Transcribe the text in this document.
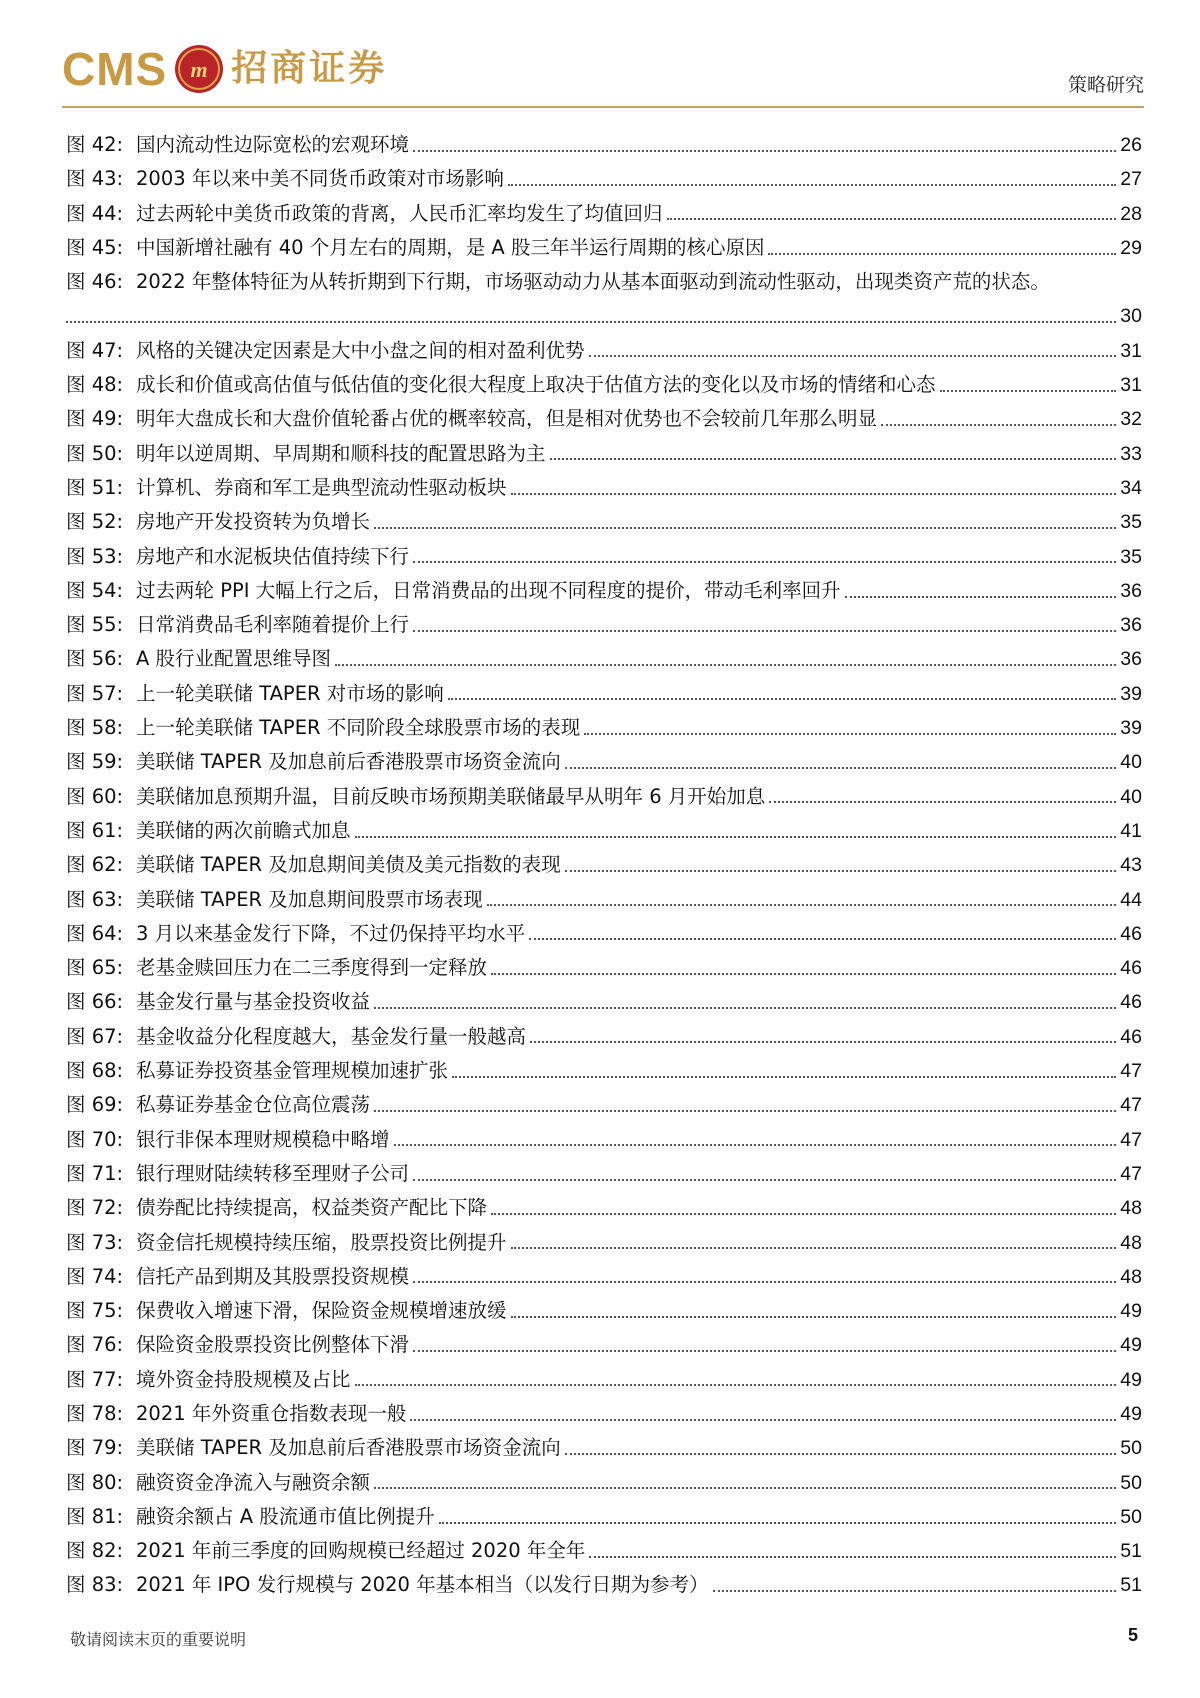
CMS m 招商证券	策略研究
图 42: 国内流动性边际宽松的宏观环境	26
图 43: 2003 年以来中美不同货币政策对市场影响	27
图 44: 过去两轮中美货币政策的背离，人民币汇率均发生了均值回归	28
图 45: 中国新增社融有 40 个月左右的周期，是 A 股三年半运行周期的核心原因	29
图 46: 2022 年整体特征为从转折期到下行期，市场驱动动力从基本面驱动到流动性驱动，出现类资产荒的状态。
30
图 47: 风格的关键决定因素是大中小盘之间的相对盈利优势	31
图 48: 成长和价值或高估值与低估值的变化很大程度上取决于估值方法的变化以及市场的情绪和心态	31
图 49: 明年大盘成长和大盘价值轮番占优的概率较高，但是相对优势也不会较前几年那么明显	32
图 50: 明年以逆周期、早周期和顺科技的配置思路为主	33
图 51: 计算机、券商和军工是典型流动性驱动板块	34
图 52: 房地产开发投资转为负增长	35
图 53: 房地产和水泥板块估值持续下行	35
图 54: 过去两轮 PPI 大幅上行之后，日常消费品的出现不同程度的提价，带动毛利率回升	36
图 55: 日常消费品毛利率随着提价上行	36
图 56: A 股行业配置思维导图	36
图 57: 上一轮美联储 TAPER 对市场的影响	39
图 58: 上一轮美联储 TAPER 不同阶段全球股票市场的表现	39
图 59: 美联储 TAPER 及加息前后香港股票市场资金流向	40
图 60: 美联储加息预期升温，目前反映市场预期美联储最早从明年 6 月开始加息	40
图 61: 美联储的两次前瞻式加息	41
图 62: 美联储 TAPER 及加息期间美债及美元指数的表现	43
图 63: 美联储 TAPER 及加息期间股票市场表现	44
图 64: 3 月以来基金发行下降，不过仍保持平均水平	46
图 65: 老基金赎回压力在二三季度得到一定释放	46
图 66: 基金发行量与基金投资收益	46
图 67: 基金收益分化程度越大，基金发行量一般越高	46
图 68: 私募证券投资基金管理规模加速扩张	47
图 69: 私募证券基金仓位高位震荡	47
图 70: 银行非保本理财规模稳中略增	47
图 71: 银行理财陆续转移至理财子公司	47
图 72: 债券配比持续提高，权益类资产配比下降	48
图 73: 资金信托规模持续压缩，股票投资比例提升	48
图 74: 信托产品到期及其股票投资规模	48
图 75: 保费收入增速下滑，保险资金规模增速放缓	49
图 76: 保险资金股票投资比例整体下滑	49
图 77: 境外资金持股规模及占比	49
图 78: 2021 年外资重仓指数表现一般	49
图 79: 美联储 TAPER 及加息前后香港股票市场资金流向	50
图 80: 融资资金净流入与融资余额	50
图 81: 融资余额占 A 股流通市值比例提升	50
图 82: 2021 年前三季度的回购规模已经超过 2020 年全年	51
图 83: 2021 年 IPO 发行规模与 2020 年基本相当（以发行日期为参考）	51
敬请阅读末页的重要说明	5
